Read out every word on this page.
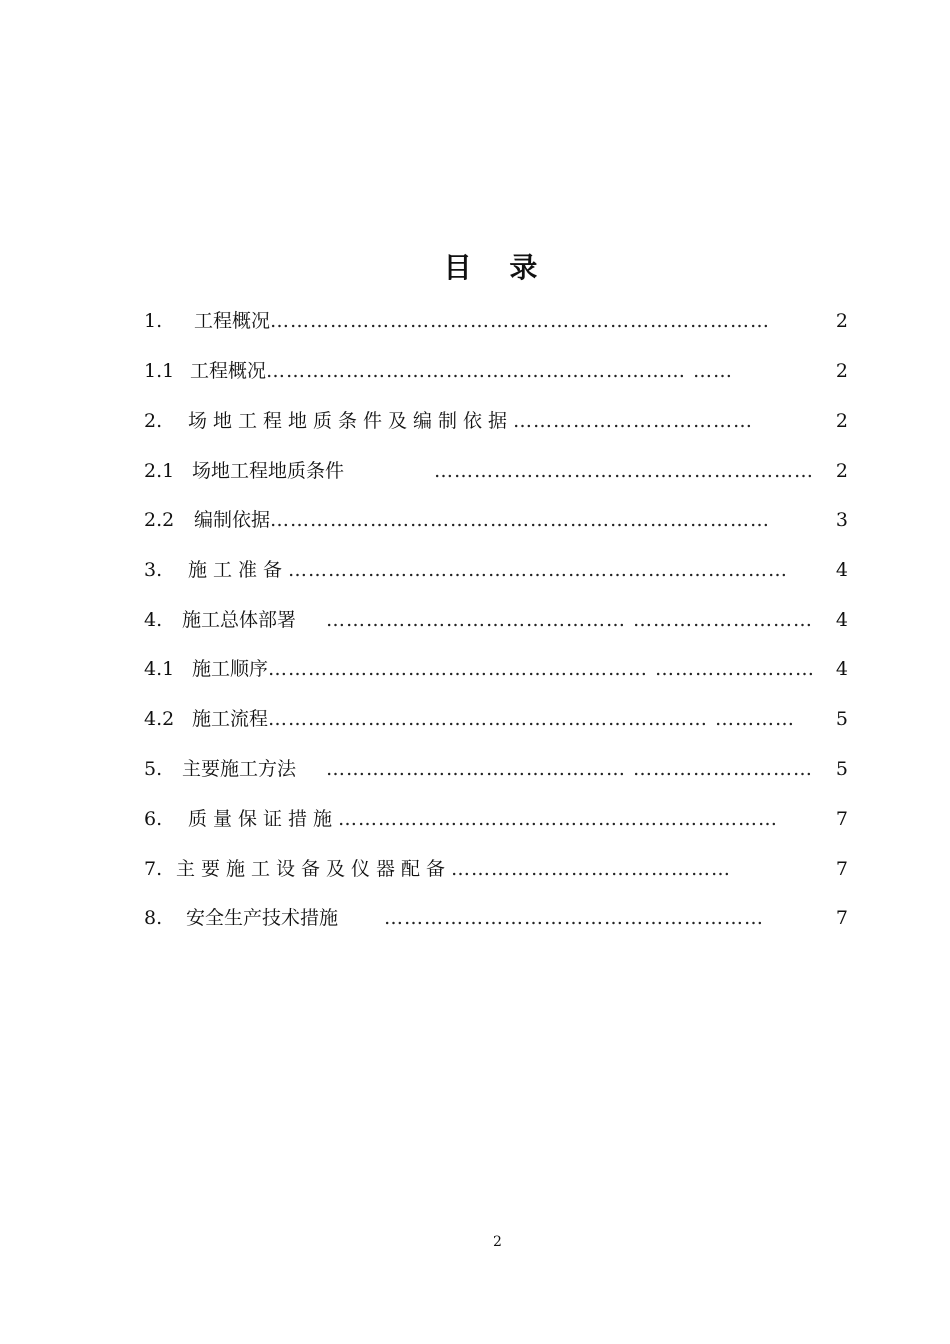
目 录
1. 工程概况…………………………………………………………………	2
1.1 工程概况……………………………………………………… ……	2
2. 场地工程地质条件及编制依据………………………………	2
2.1 场地工程地质条件	………………………………………………… 2
2.2 编制依据…………………………………………………………………	3
3. 施工准备…………………………………………………………………	4
4. 施工总体部署 ……………………………………… ……………………… 4
4.1 施工顺序………………………………………………… …………………… 4
4.2 施工流程………………………………………………………… ………… 5
5. 主要施工方法 ……………………………………… ……………………… 5
6. 质量保证措施…………………………………………………………	7
7. 主要施工设备及仪器配备……………………………………	7
8. 安全生产技术措施 …………………………………………………	7
2
